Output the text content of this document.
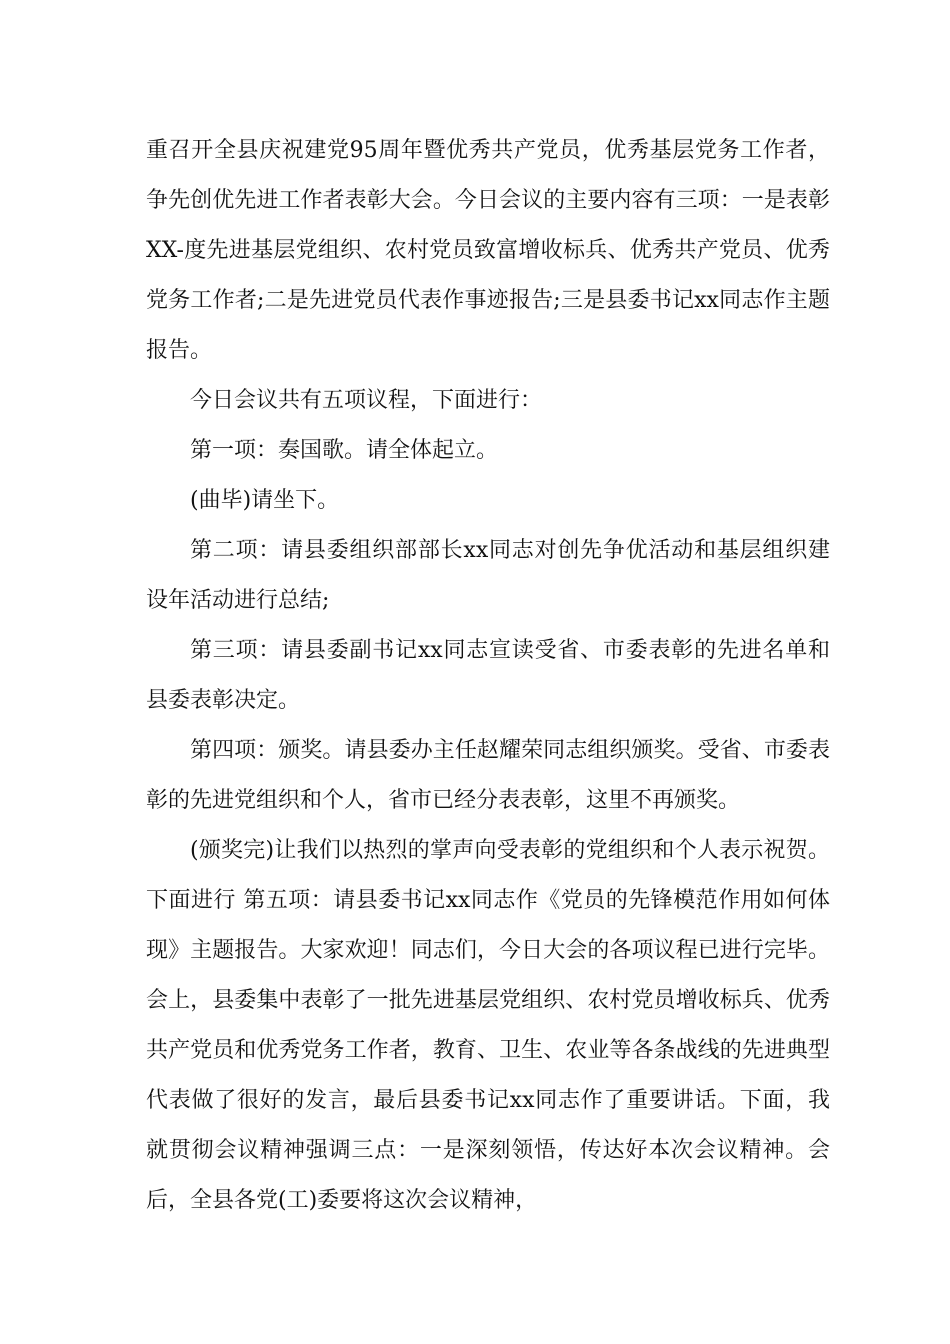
重召开全县庆祝建党95周年暨优秀共产党员，优秀基层党务工作者，争先创优先进工作者表彰大会。今日会议的主要内容有三项：一是表彰XX-度先进基层党组织、农村党员致富增收标兵、优秀共产党员、优秀党务工作者;二是先进党员代表作事迹报告;三是县委书记xx同志作主题报告。

今日会议共有五项议程，下面进行：

第一项：奏国歌。请全体起立。

(曲毕)请坐下。

第二项：请县委组织部部长xx同志对创先争优活动和基层组织建设年活动进行总结;

第三项：请县委副书记xx同志宣读受省、市委表彰的先进名单和县委表彰决定。

第四项：颁奖。请县委办主任赵耀荣同志组织颁奖。受省、市委表彰的先进党组织和个人，省市已经分表表彰，这里不再颁奖。

(颁奖完)让我们以热烈的掌声向受表彰的党组织和个人表示祝贺。下面进行 第五项：请县委书记xx同志作《党员的先锋模范作用如何体现》主题报告。大家欢迎！同志们，今日大会的各项议程已进行完毕。会上，县委集中表彰了一批先进基层党组织、农村党员增收标兵、优秀共产党员和优秀党务工作者，教育、卫生、农业等各条战线的先进典型代表做了很好的发言，最后县委书记xx同志作了重要讲话。下面，我就贯彻会议精神强调三点：一是深刻领悟，传达好本次会议精神。会后，全县各党(工)委要将这次会议精神，
